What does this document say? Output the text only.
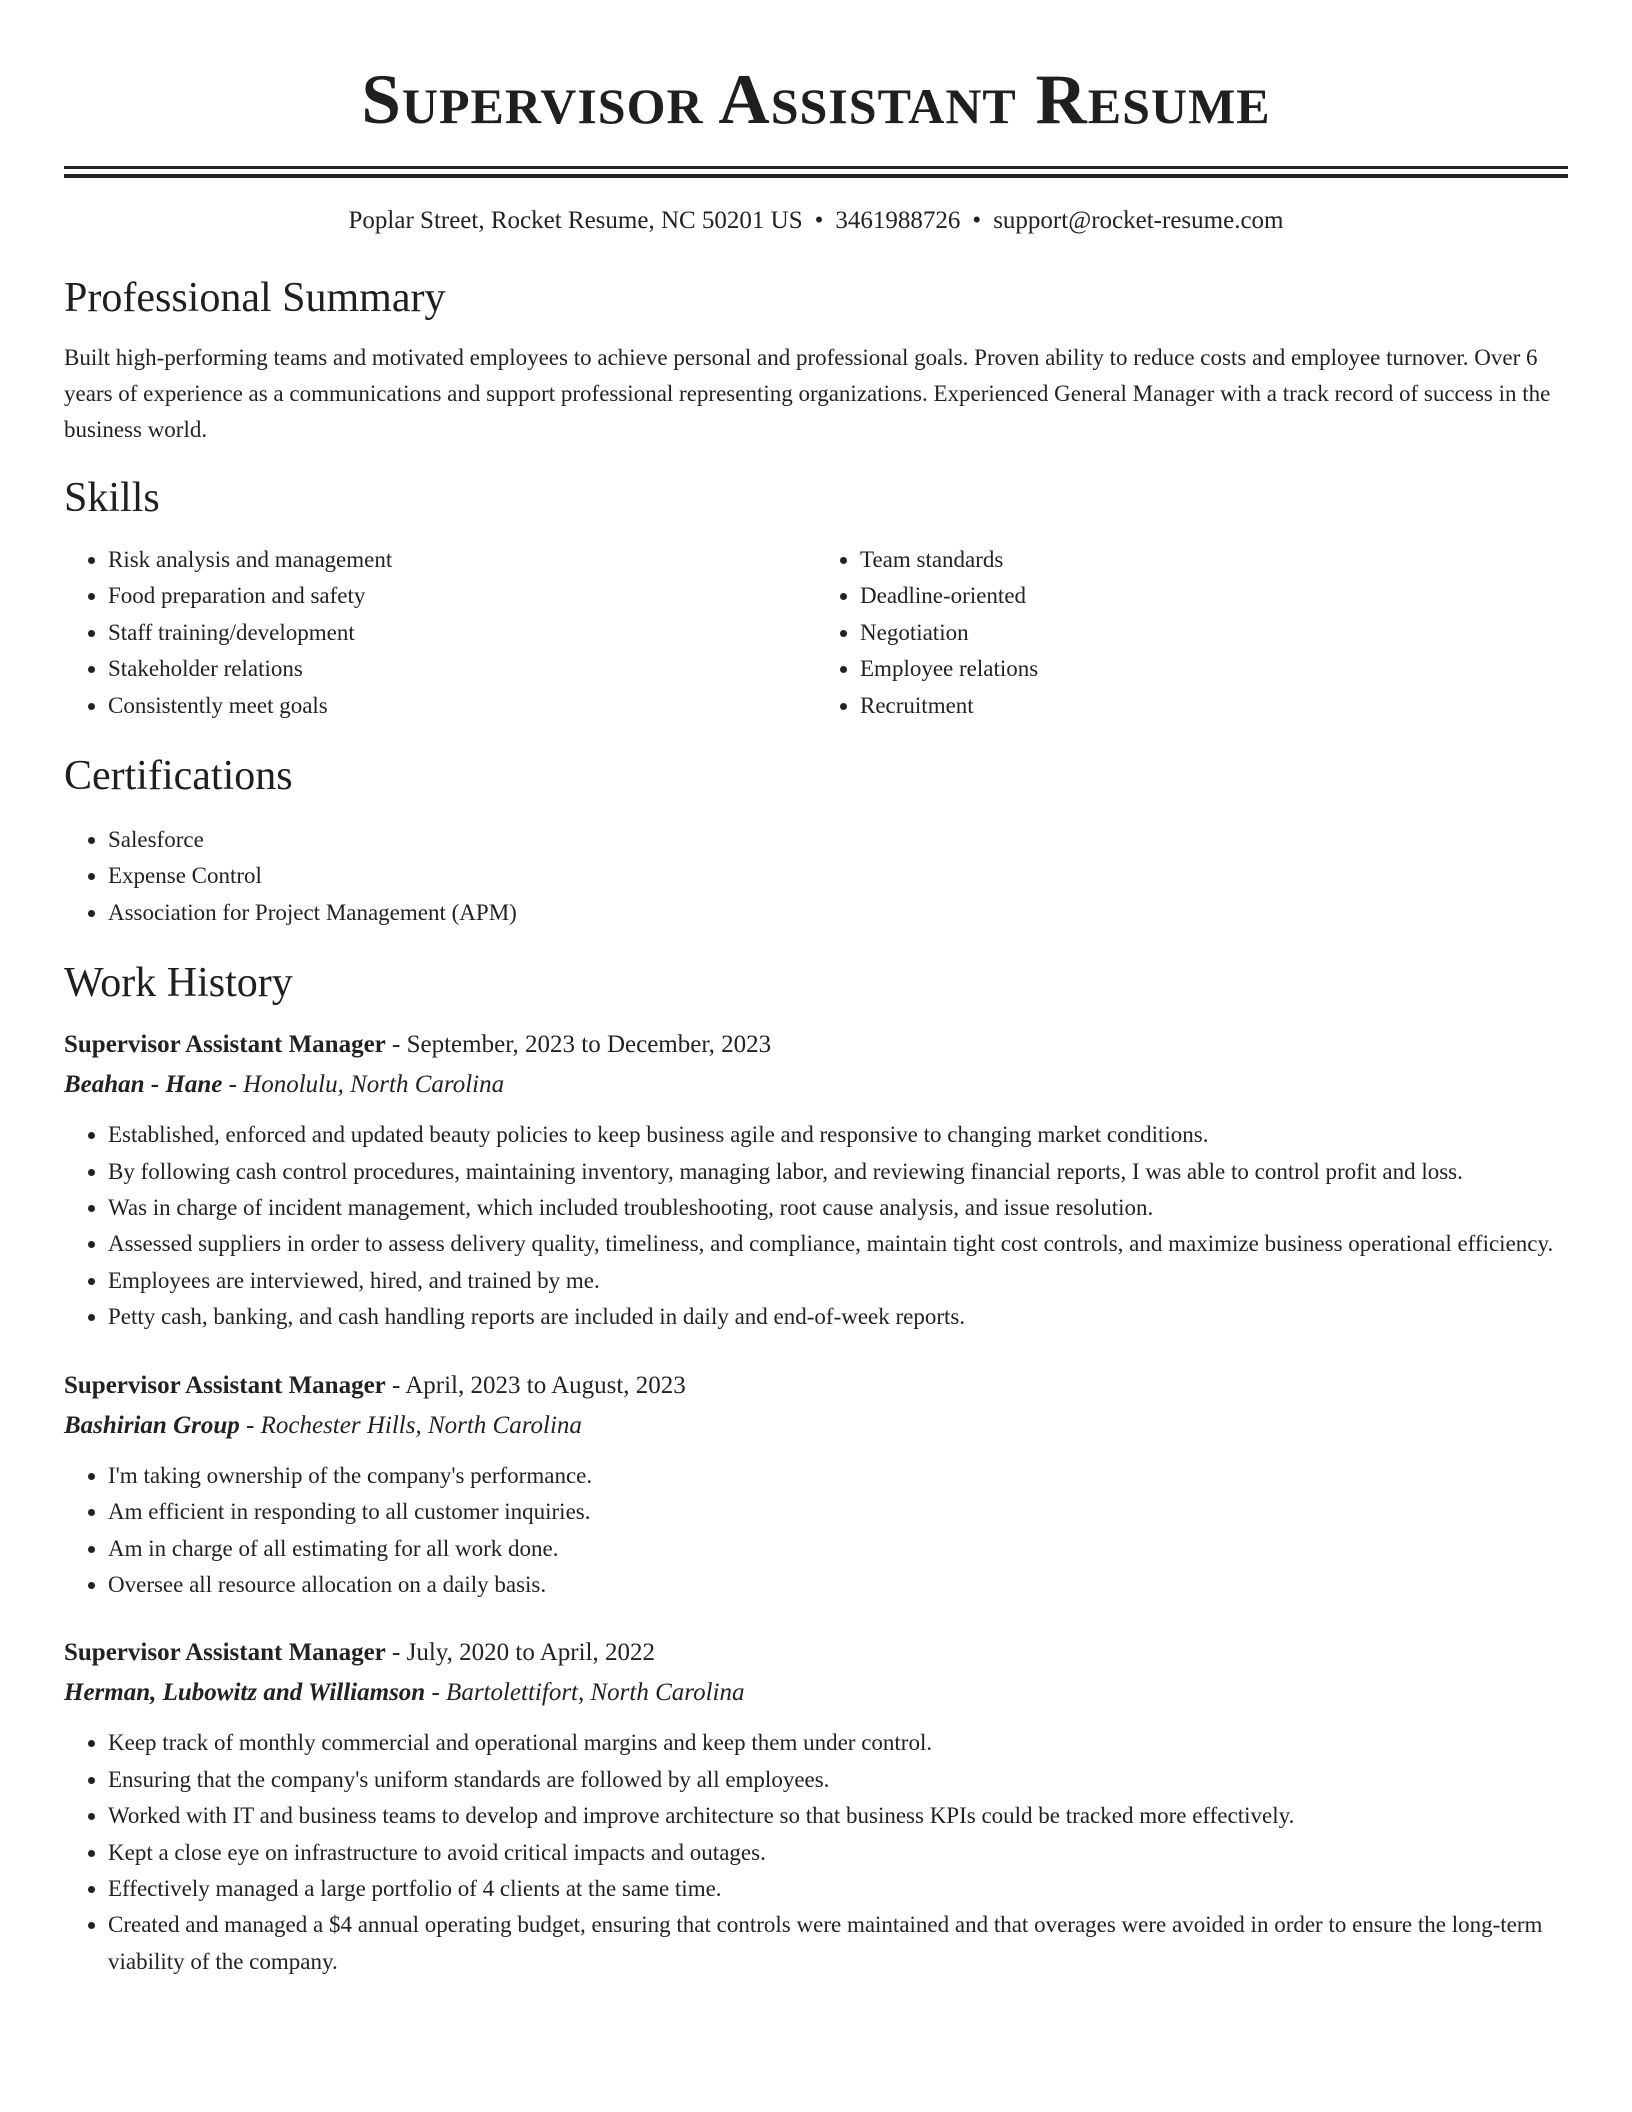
Supervisor Assistant Resume
Poplar Street, Rocket Resume, NC 50201 US • 3461988726 • support@rocket-resume.com
Professional Summary
Built high-performing teams and motivated employees to achieve personal and professional goals. Proven ability to reduce costs and employee turnover. Over 6 years of experience as a communications and support professional representing organizations. Experienced General Manager with a track record of success in the business world.
Skills
• Risk analysis and management
• Food preparation and safety
• Staff training/development
• Stakeholder relations
• Consistently meet goals
• Team standards
• Deadline-oriented
• Negotiation
• Employee relations
• Recruitment
Certifications
• Salesforce
• Expense Control
• Association for Project Management (APM)
Work History
Supervisor Assistant Manager - September, 2023 to December, 2023
Beahan - Hane - Honolulu, North Carolina
• Established, enforced and updated beauty policies to keep business agile and responsive to changing market conditions.
• By following cash control procedures, maintaining inventory, managing labor, and reviewing financial reports, I was able to control profit and loss.
• Was in charge of incident management, which included troubleshooting, root cause analysis, and issue resolution.
• Assessed suppliers in order to assess delivery quality, timeliness, and compliance, maintain tight cost controls, and maximize business operational efficiency.
• Employees are interviewed, hired, and trained by me.
• Petty cash, banking, and cash handling reports are included in daily and end-of-week reports.
Supervisor Assistant Manager - April, 2023 to August, 2023
Bashirian Group - Rochester Hills, North Carolina
• I'm taking ownership of the company's performance.
• Am efficient in responding to all customer inquiries.
• Am in charge of all estimating for all work done.
• Oversee all resource allocation on a daily basis.
Supervisor Assistant Manager - July, 2020 to April, 2022
Herman, Lubowitz and Williamson - Bartolettifort, North Carolina
• Keep track of monthly commercial and operational margins and keep them under control.
• Ensuring that the company's uniform standards are followed by all employees.
• Worked with IT and business teams to develop and improve architecture so that business KPIs could be tracked more effectively.
• Kept a close eye on infrastructure to avoid critical impacts and outages.
• Effectively managed a large portfolio of 4 clients at the same time.
• Created and managed a $4 annual operating budget, ensuring that controls were maintained and that overages were avoided in order to ensure the long-term viability of the company.
